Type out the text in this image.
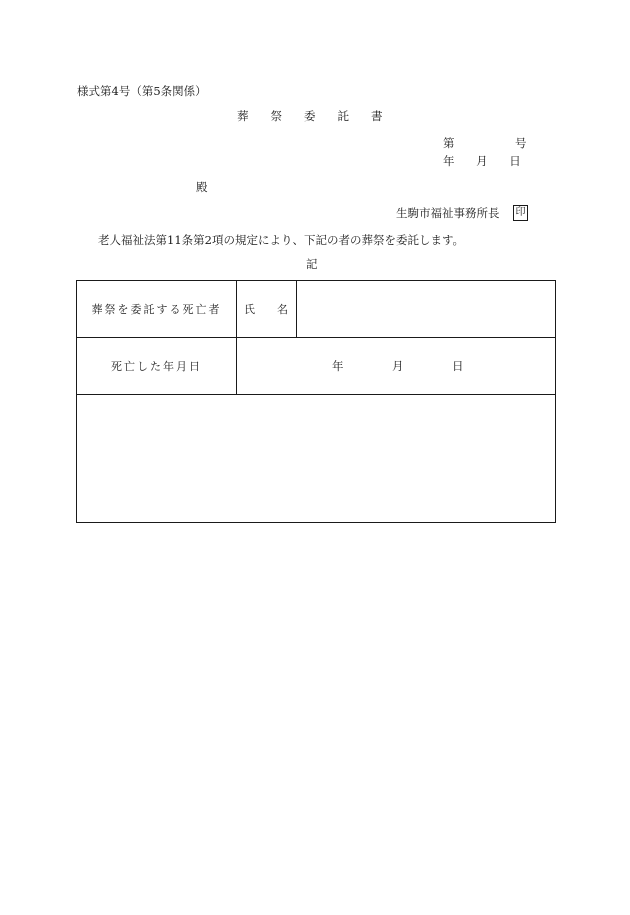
様式第4号（第5条関係）
葬祭委託書
第	号
年 月 日
殿
生駒市福祉事務所長 印
老人福祉法第11条第2項の規定により、下記の者の葬祭を委託します。
記
葬祭を委託する死亡者	氏 名	

死亡した年月日	年 月 日	
